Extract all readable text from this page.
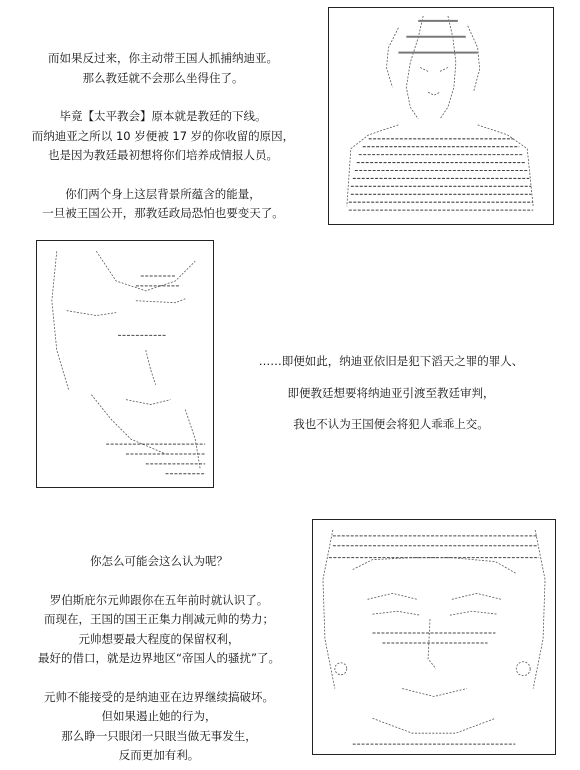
而如果反过来，你主动带王国人抓捕纳迪亚。
那么教廷就不会那么坐得住了。
毕竟【太平教会】原本就是教廷的下线。
而纳迪亚之所以 10 岁便被 17 岁的你收留的原因，
也是因为教廷最初想将你们培养成情报人员。
你们两个身上这层背景所蕴含的能量，
一旦被王国公开，那教廷政局恐怕也要变天了。
……即便如此，纳迪亚依旧是犯下滔天之罪的罪人、
即便教廷想要将纳迪亚引渡至教廷审判，
我也不认为王国便会将犯人乖乖上交。
你怎么可能会这么认为呢？
罗伯斯庇尔元帅跟你在五年前时就认识了。
而现在，王国的国王正集力削减元帅的势力；
元帅想要最大程度的保留权利，
最好的借口，就是边界地区“帝国人的骚扰”了。
元帅不能接受的是纳迪亚在边界继续搞破坏。
但如果遏止她的行为，
那么睁一只眼闭一只眼当做无事发生，
反而更加有利。
